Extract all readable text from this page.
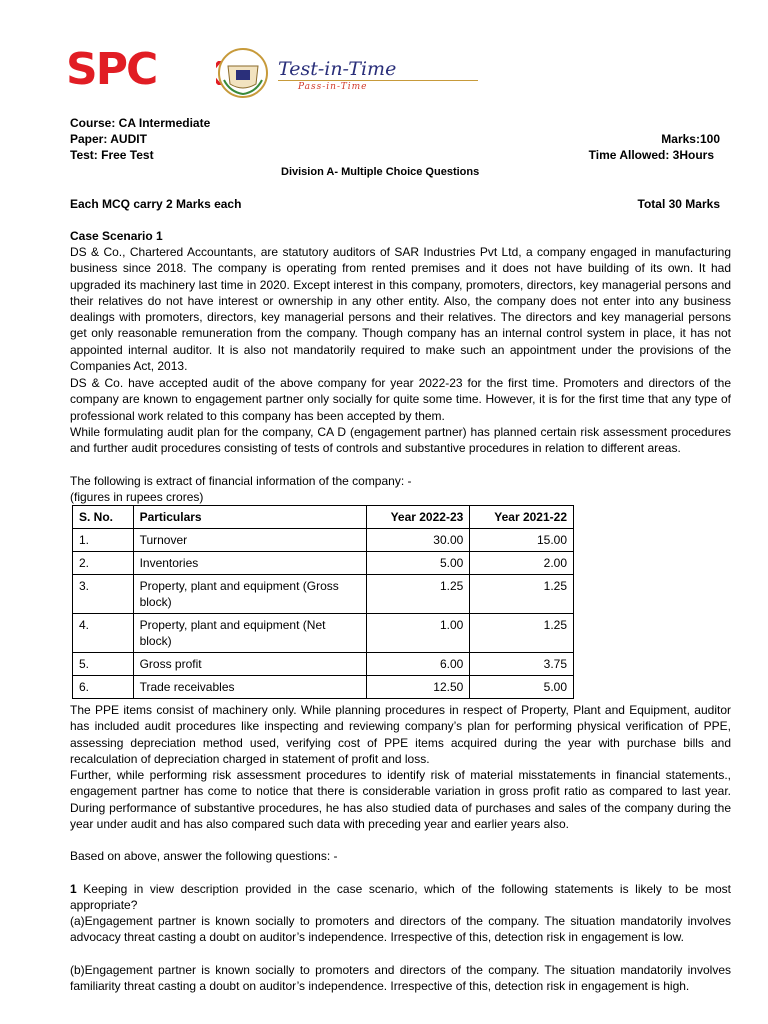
SPC	Test-in-Time
Pass-in-Time
Course: CA Intermediate
Paper: AUDIT	Marks:100
Test: Free Test	Time Allowed: 3Hours
Division A- Multiple Choice Questions
Each MCQ carry 2 Marks each	Total 30 Marks
Case Scenario 1

DS & Co., Chartered Accountants, are statutory auditors of SAR Industries Pvt Ltd, a company engaged in manufacturing business since 2018. The company is operating from rented premises and it does not have building of its own. It had upgraded its machinery last time in 2020. Except interest in this company, promoters, directors, key managerial persons and their relatives do not have interest or ownership in any other entity. Also, the company does not enter into any business dealings with promoters, directors, key managerial persons and their relatives. The directors and key managerial persons get only reasonable remuneration from the company. Though company has an internal control system in place, it has not appointed internal auditor. It is also not mandatorily required to make such an appointment under the provisions of the Companies Act, 2013.

DS & Co. have accepted audit of the above company for year 2022-23 for the first time. Promoters and directors of the company are known to engagement partner only socially for quite some time. However, it is for the first time that any type of professional work related to this company has been accepted by them.

While formulating audit plan for the company, CA D (engagement partner) has planned certain risk assessment procedures and further audit procedures consisting of tests of controls and substantive procedures in relation to different areas.

The following is extract of financial information of the company: -

(figures in rupees crores)

S. No.	Particulars	Year 2022-23	Year 2021-22
1.	Turnover	30.00	15.00
2.	Inventories	5.00	2.00
3.	Property, plant and equipment (Gross block)	1.25	1.25
4.	Property, plant and equipment (Net block)	1.00	1.25
5.	Gross profit	6.00	3.75
6.	Trade receivables	12.50	5.00

The PPE items consist of machinery only. While planning procedures in respect of Property, Plant and Equipment, auditor has included audit procedures like inspecting and reviewing company’s plan for performing physical verification of PPE, assessing depreciation method used, verifying cost of PPE items acquired during the year with purchase bills and recalculation of depreciation charged in statement of profit and loss.

Further, while performing risk assessment procedures to identify risk of material misstatements in financial statements., engagement partner has come to notice that there is considerable variation in gross profit ratio as compared to last year. During performance of substantive procedures, he has also studied data of purchases and sales of the company during the year under audit and has also compared such data with preceding year and earlier years also.

Based on above, answer the following questions: -

1 Keeping in view description provided in the case scenario, which of the following statements is likely to be most appropriate?

(a)Engagement partner is known socially to promoters and directors of the company. The situation mandatorily involves advocacy threat casting a doubt on auditor’s independence. Irrespective of this, detection risk in engagement is low.

(b)Engagement partner is known socially to promoters and directors of the company. The situation mandatorily involves familiarity threat casting a doubt on auditor’s independence. Irrespective of this, detection risk in engagement is high.
